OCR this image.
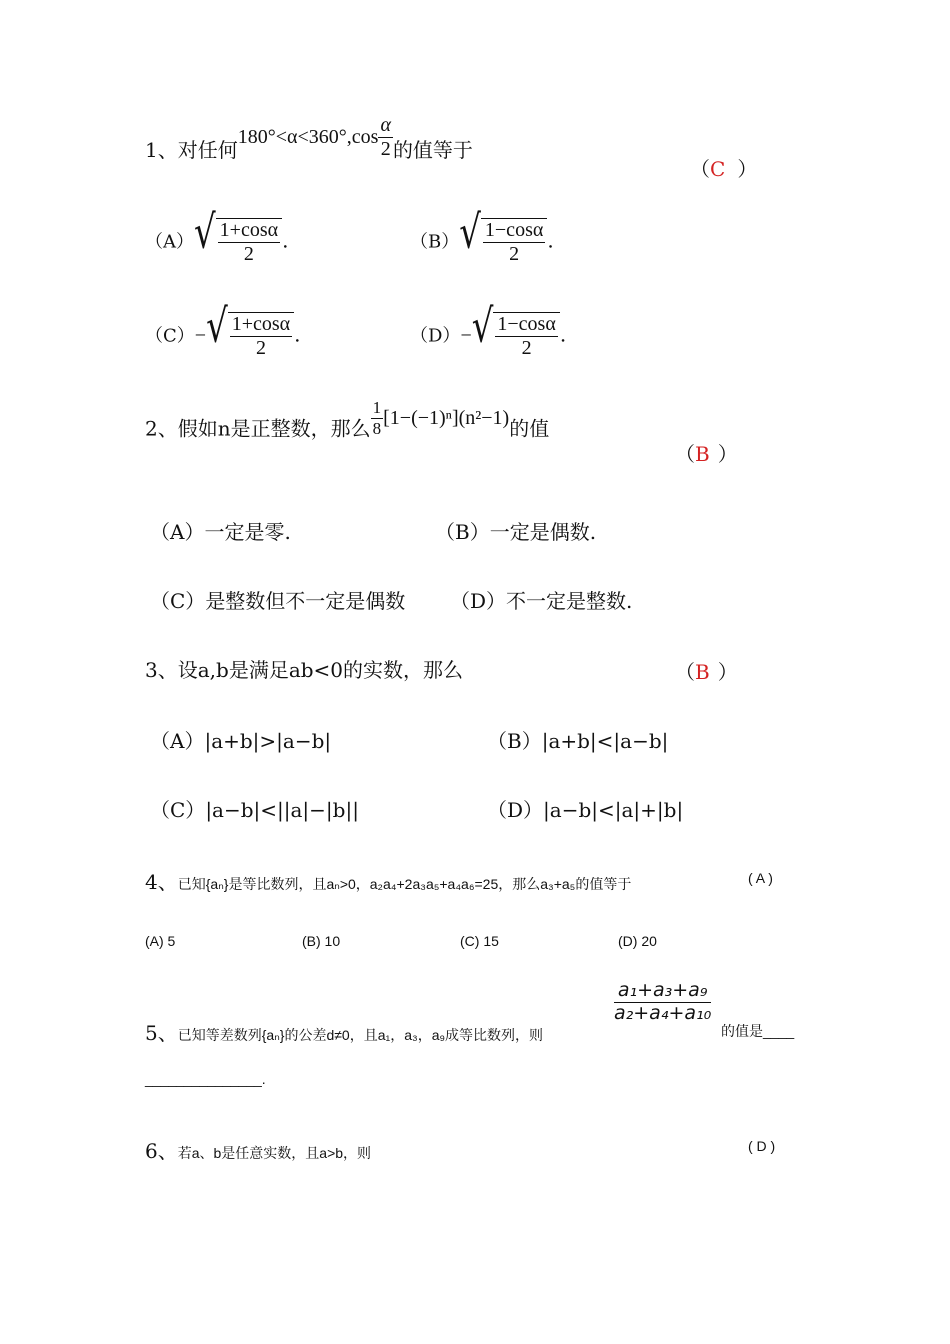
1、对任何$180^\circ<\alpha<360^\circ,\cos \frac{\alpha}{2}$ 的值等于
（C ）
（A） √ $\frac{1+\cos\alpha}{2}$ .	（B） √ $\frac{1-\cos\alpha}{2}$ .
（C）− √ $\frac{1+\cos\alpha}{2}$ .	（D）− √ $\frac{1-\cos\alpha}{2}$ .
2、假如n是正整数，那么 $\frac{1}{8} [1-(-1)^n](n^2-1)$的值
（B ）
（A）一定是零.	（B）一定是偶数.
（C）是整数但不一定是偶数 （D）不一定是整数.
3、设a,b是满足ab<0的实数，那么	（B ）
（A）|a+b|>|a−b|	（B）|a+b|<|a−b|
（C）|a−b|<||a|−|b||	（D）|a−b|<|a|+|b|
4、已知{aₙ}是等比数列，且aₙ>0，a₂a₄+2a₃a₅+a₄a₆=25，那么a₃+a₅的值等于	( A )
(A) 5	(B) 10	(C) 15	(D) 20
5、已知等差数列{aₙ}的公差d≠0，且a₁，a₃，a₉成等比数列，则
$\frac{\text{a₁+a₃+a₉}}{\text{a₂+a₄+a₁₀}}$
的值是____
_______________.
6、若a、b是任意实数，且a>b，则	( D )
